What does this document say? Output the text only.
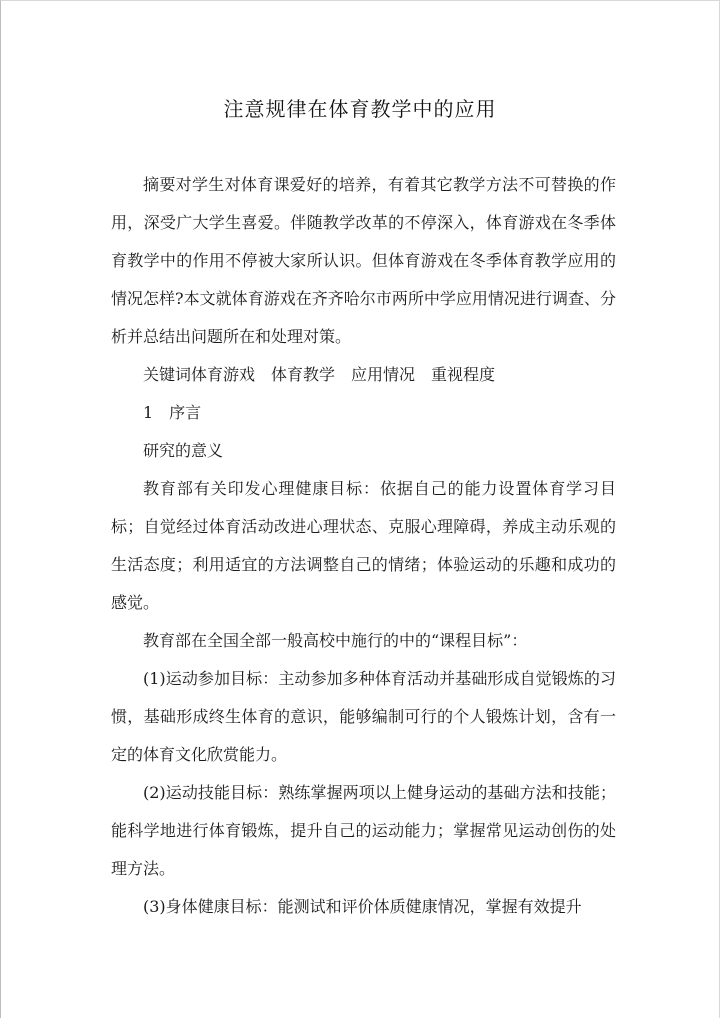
注意规律在体育教学中的应用

摘要对学生对体育课爱好的培养，有着其它教学方法不可替换的作用，深受广大学生喜爱。伴随教学改革的不停深入，体育游戏在冬季体育教学中的作用不停被大家所认识。但体育游戏在冬季体育教学应用的情况怎样?本文就体育游戏在齐齐哈尔市两所中学应用情况进行调查、分析并总结出问题所在和处理对策。

关键词体育游戏　体育教学　应用情况　重视程度

1　序言

研究的意义

教育部有关印发心理健康目标：依据自己的能力设置体育学习目标；自觉经过体育活动改进心理状态、克服心理障碍，养成主动乐观的生活态度；利用适宜的方法调整自己的情绪；体验运动的乐趣和成功的感觉。

教育部在全国全部一般高校中施行的中的“课程目标”：

(1)运动参加目标：主动参加多种体育活动并基础形成自觉锻炼的习惯，基础形成终生体育的意识，能够编制可行的个人锻炼计划，含有一定的体育文化欣赏能力。

(2)运动技能目标：熟练掌握两项以上健身运动的基础方法和技能；能科学地进行体育锻炼，提升自己的运动能力；掌握常见运动创伤的处理方法。

(3)身体健康目标：能测试和评价体质健康情况，掌握有效提升
